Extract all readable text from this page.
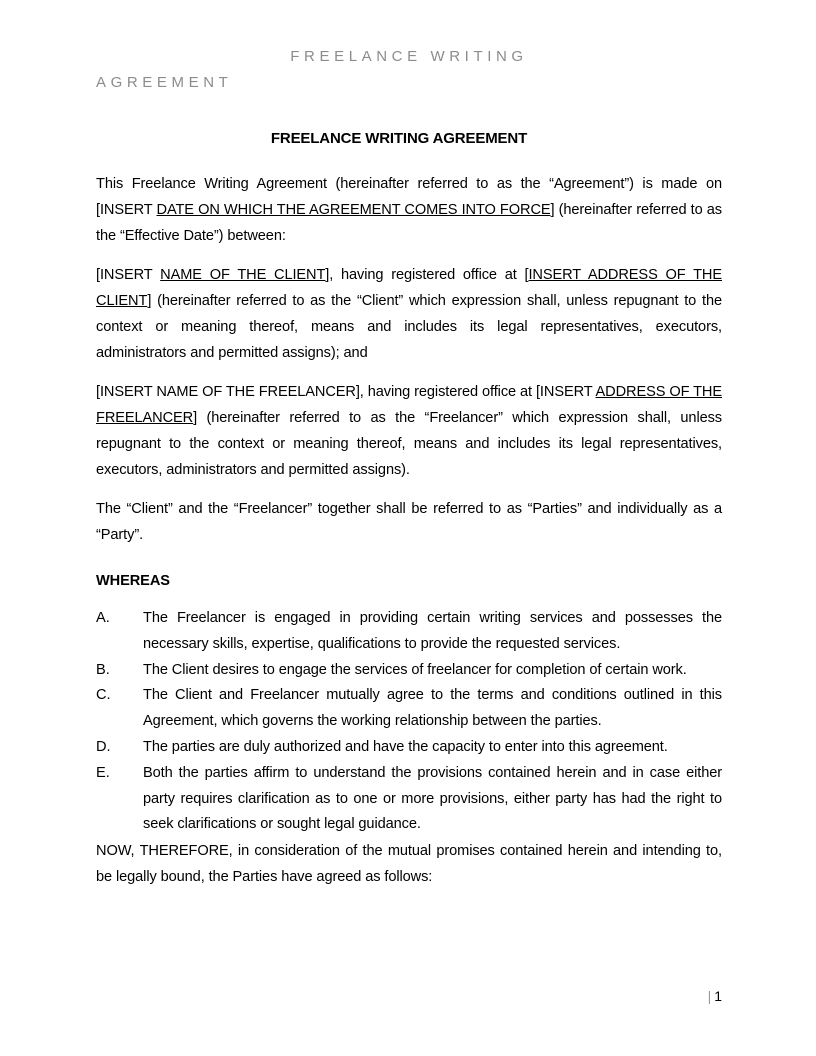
FREELANCE WRITING
AGREEMENT
FREELANCE WRITING AGREEMENT

This Freelance Writing Agreement (hereinafter referred to as the “Agreement”) is made on [INSERT DATE ON WHICH THE AGREEMENT COMES INTO FORCE] (hereinafter referred to as the “Effective Date”) between:

[INSERT NAME OF THE CLIENT], having registered office at [INSERT ADDRESS OF THE CLIENT] (hereinafter referred to as the “Client” which expression shall, unless repugnant to the context or meaning thereof, means and includes its legal representatives, executors, administrators and permitted assigns); and

[INSERT NAME OF THE FREELANCER], having registered office at [INSERT ADDRESS OF THE FREELANCER] (hereinafter referred to as the “Freelancer” which expression shall, unless repugnant to the context or meaning thereof, means and includes its legal representatives, executors, administrators and permitted assigns).

The “Client” and the “Freelancer” together shall be referred to as “Parties” and individually as a “Party”.

WHEREAS
A.	The Freelancer is engaged in providing certain writing services and possesses the necessary skills, expertise, qualifications to provide the requested services.
B.	The Client desires to engage the services of freelancer for completion of certain work.
C.	The Client and Freelancer mutually agree to the terms and conditions outlined in this Agreement, which governs the working relationship between the parties.
D.	The parties are duly authorized and have the capacity to enter into this agreement.
E.	Both the parties affirm to understand the provisions contained herein and in case either party requires clarification as to one or more provisions, either party has had the right to seek clarifications or sought legal guidance.

NOW, THEREFORE, in consideration of the mutual promises contained herein and intending to, be legally bound, the Parties have agreed as follows:

| 1
